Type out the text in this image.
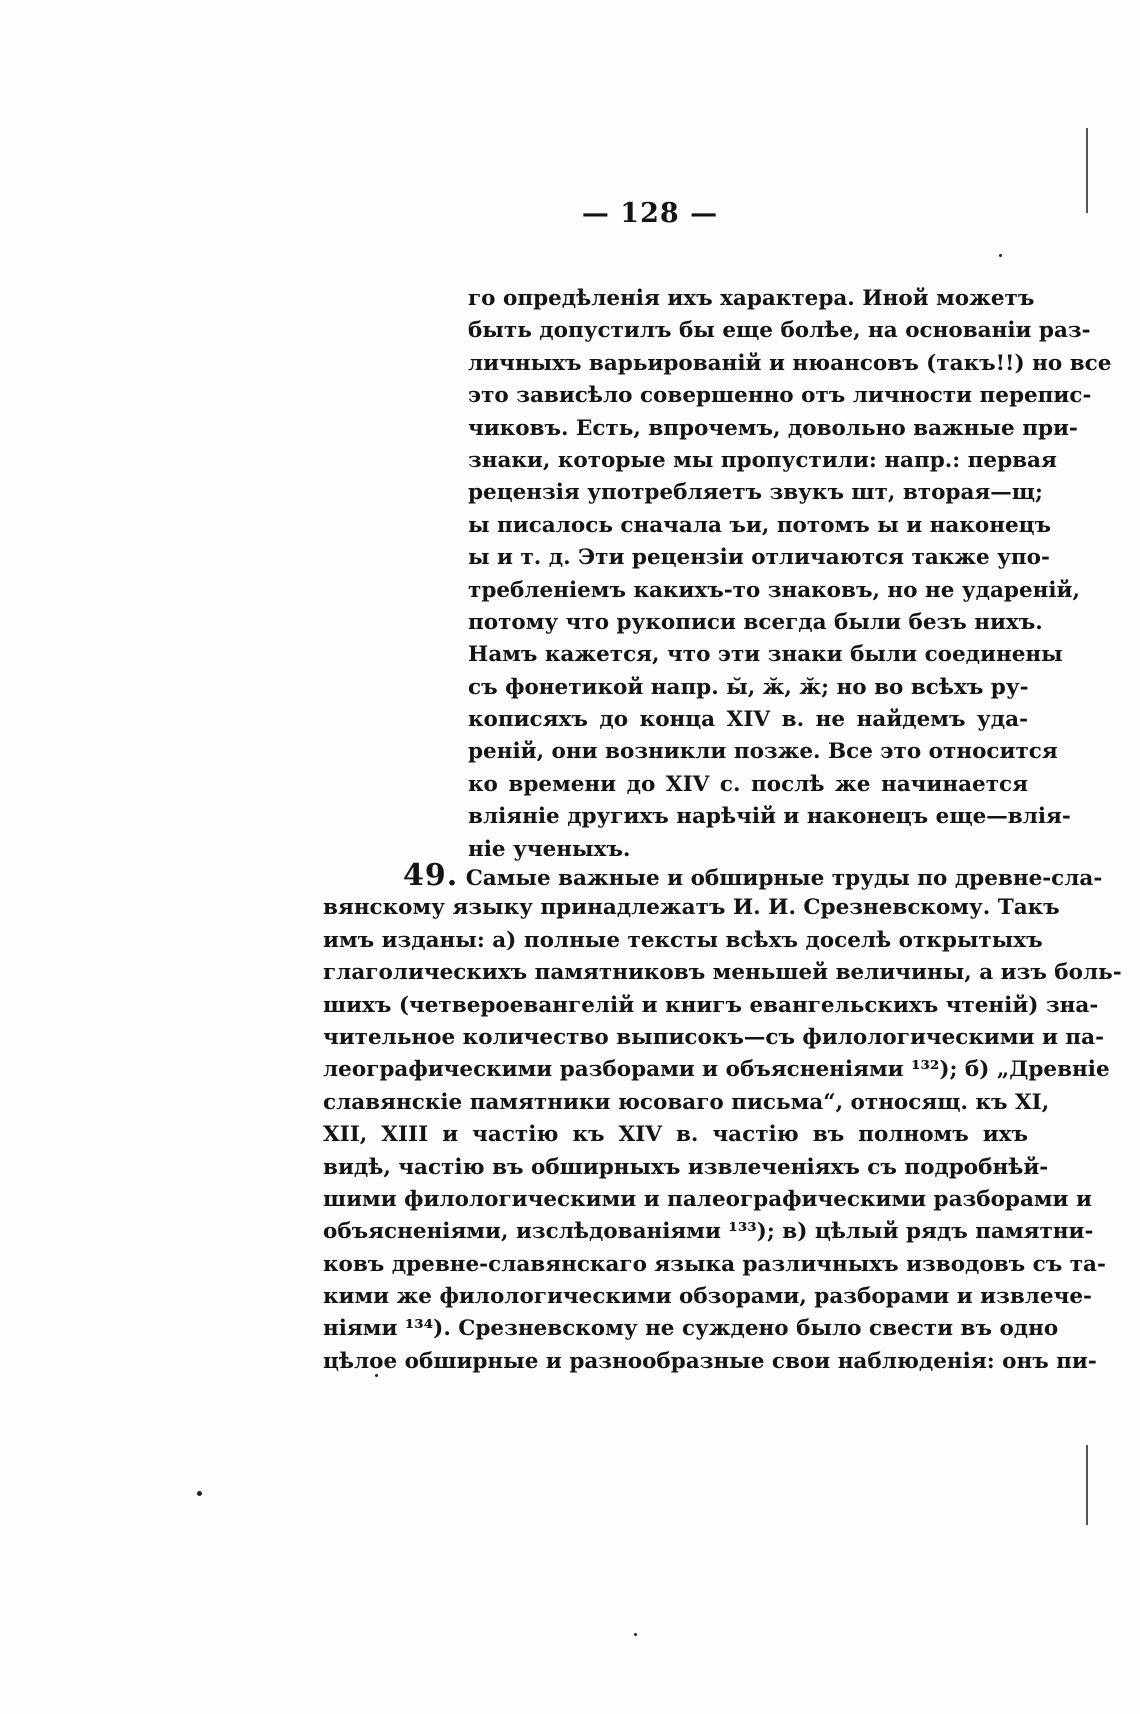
— 128 —
го опредѣленія ихъ характера. Иной можетъ
быть допустилъ бы еще болѣе, на основаніи раз-
личныхъ варьированій и нюансовъ (такъ!!) но все
это зависѣло совершенно отъ личности перепис-
чиковъ. Есть, впрочемъ, довольно важные при-
знаки, которые мы пропустили: напр.: первая
рецензія употребляетъ звукъ шт, вторая—щ;
ы писалось сначала ъи, потомъ ы и наконецъ
ы и т. д. Эти рецензіи отличаются также упо-
требленіемъ какихъ-то знаковъ, но не удареній,
потому что рукописи всегда были безъ нихъ.
Намъ кажется, что эти знаки были соединены
съ фонетикой напр. ы̆, ӂ, ӂ; но во всѣхъ ру-
кописяхъ до конца XIV в. не найдемъ уда-
реній, они возникли позже. Все это относится
ко времени до XIV с. послѣ же начинается
вліяніе другихъ нарѣчій и наконецъ еще—влія-
ніе ученыхъ.
49. Самые важные и обширные труды по древне-сла-
вянскому языку принадлежатъ И. И. Срезневскому. Такъ
имъ изданы: а) полные тексты всѣхъ доселѣ открытыхъ
глаголическихъ памятниковъ меньшей величины, а изъ боль-
шихъ (четвероевангелій и книгъ евангельскихъ чтеній) зна-
чительное количество выписокъ—съ филологическими и па-
леографическими разборами и объясненіями ¹³²); б) „Древніе
славянскіе памятники юсоваго письма“, относящ. къ XI,
XII, XIII и частію къ XIV в. частію въ полномъ ихъ
видѣ, частію въ обширныхъ извлеченіяхъ съ подробнѣй-
шими филологическими и палеографическими разборами и
объясненіями, изслѣдованіями ¹³³); в) цѣлый рядъ памятни-
ковъ древне-славянскаго языка различныхъ изводовъ съ та-
кими же филологическими обзорами, разборами и извлече-
ніями ¹³⁴). Срезневскому не суждено было свести въ одно
цѣлое обширные и разнообразные свои наблюденія: онъ пи-
